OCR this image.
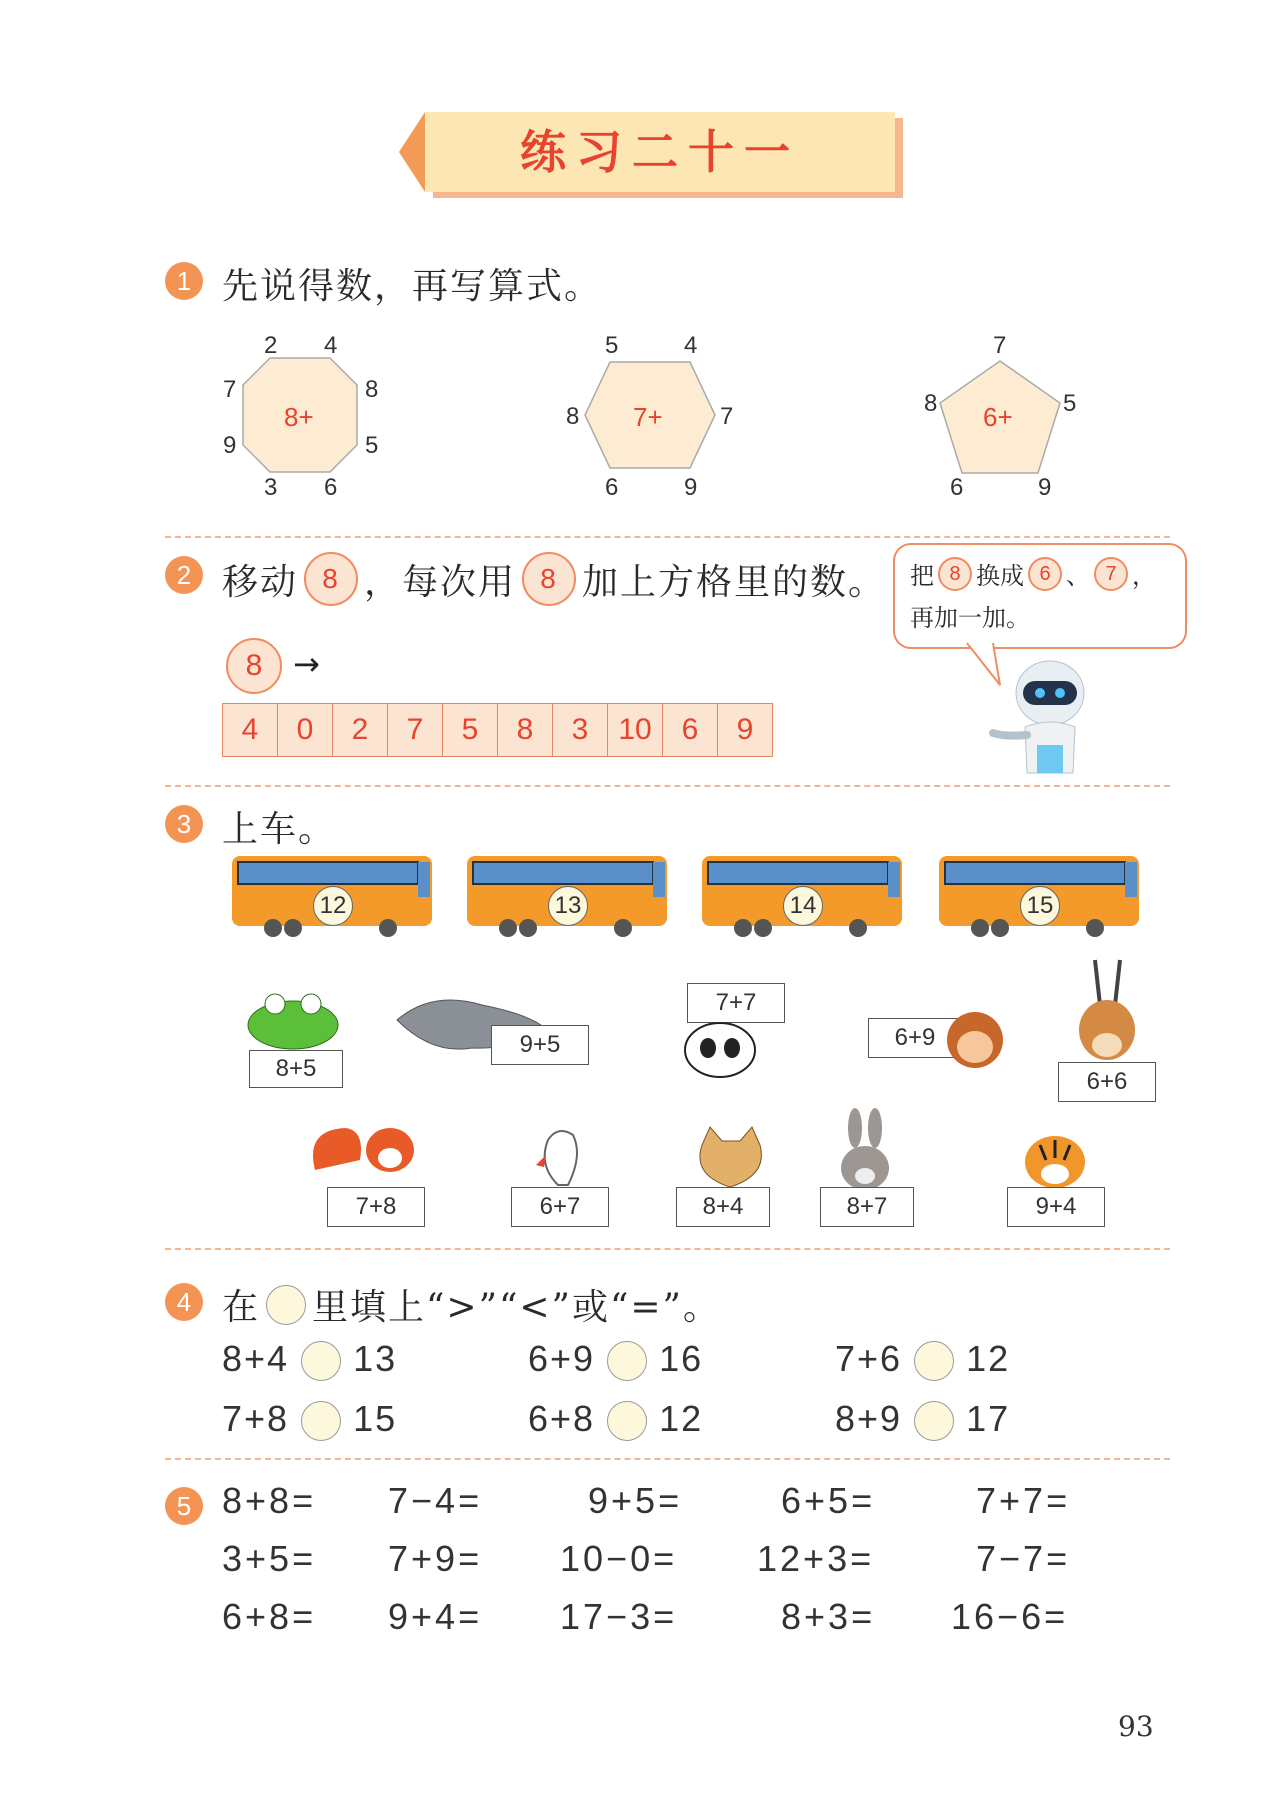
练习二十一
1 先说得数，再写算式。
8+
2 4
8
5
6
3
9
7
7+
5	4
7
9
6
8	6+
7
5
9
6
8
2 移动 8 ，每次用 8 加上方格里的数。
8 →
4	0	2	7	5	8	3 10 6	9
把 8 换成 6 、 7 ，
再加一加。
3 上车。
12	13	14	15
8+5
9+5
7+7
6+9
6+6
7+8	6+7	8+4	8+7	9+4
4 在 里填上“>”“<”或“=”。
8+4 13	6+9 16	7+6 12
7+8 15	6+8 12	8+9 17
5 8+8= 7−4=	9+5=	6+5=	7+7=
3+5= 7+9= 10−0= 12+3=	7−7=
6+8= 9+4= 17−3=	8+3= 16−6=
93
